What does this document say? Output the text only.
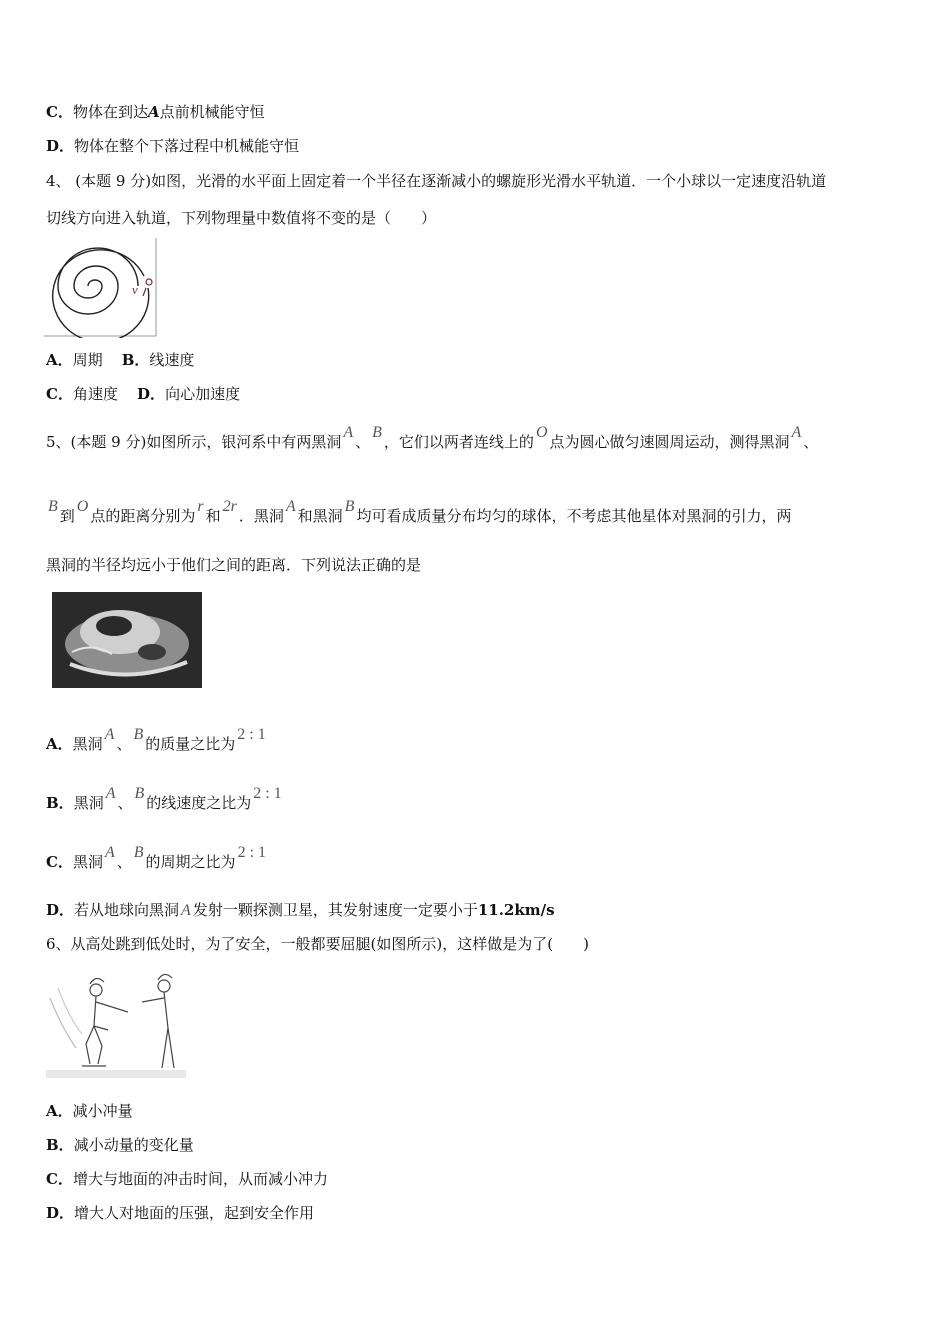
C．物体在到达A点前机械能守恒
D．物体在整个下落过程中机械能守恒
4、 (本题 9 分)如图，光滑的水平面上固定着一个半径在逐渐减小的螺旋形光滑水平轨道．一个小球以一定速度沿轨道
切线方向进入轨道，下列物理量中数值将不变的是（　　）
v
A．周期 B．线速度
C．角速度 D．向心加速度
5、(本题 9 分)如图所示，银河系中有两黑洞A、B，它们以两者连线上的O点为圆心做匀速圆周运动，测得黑洞A、
B到O点的距离分别为r和2r．黑洞A和黑洞B均可看成质量分布均匀的球体，不考虑其他星体对黑洞的引力，两
黑洞的半径均远小于他们之间的距离．下列说法正确的是
A．黑洞A、B的质量之比为2 : 1
B．黑洞A、B的线速度之比为2 : 1
C．黑洞A、B的周期之比为2 : 1
D．若从地球向黑洞 A 发射一颗探测卫星，其发射速度一定要小于11.2km/s
6、从高处跳到低处时，为了安全，一般都要屈腿(如图所示)，这样做是为了(　　)
A．减小冲量
B．减小动量的变化量
C．增大与地面的冲击时间，从而减小冲力
D．增大人对地面的压强，起到安全作用
